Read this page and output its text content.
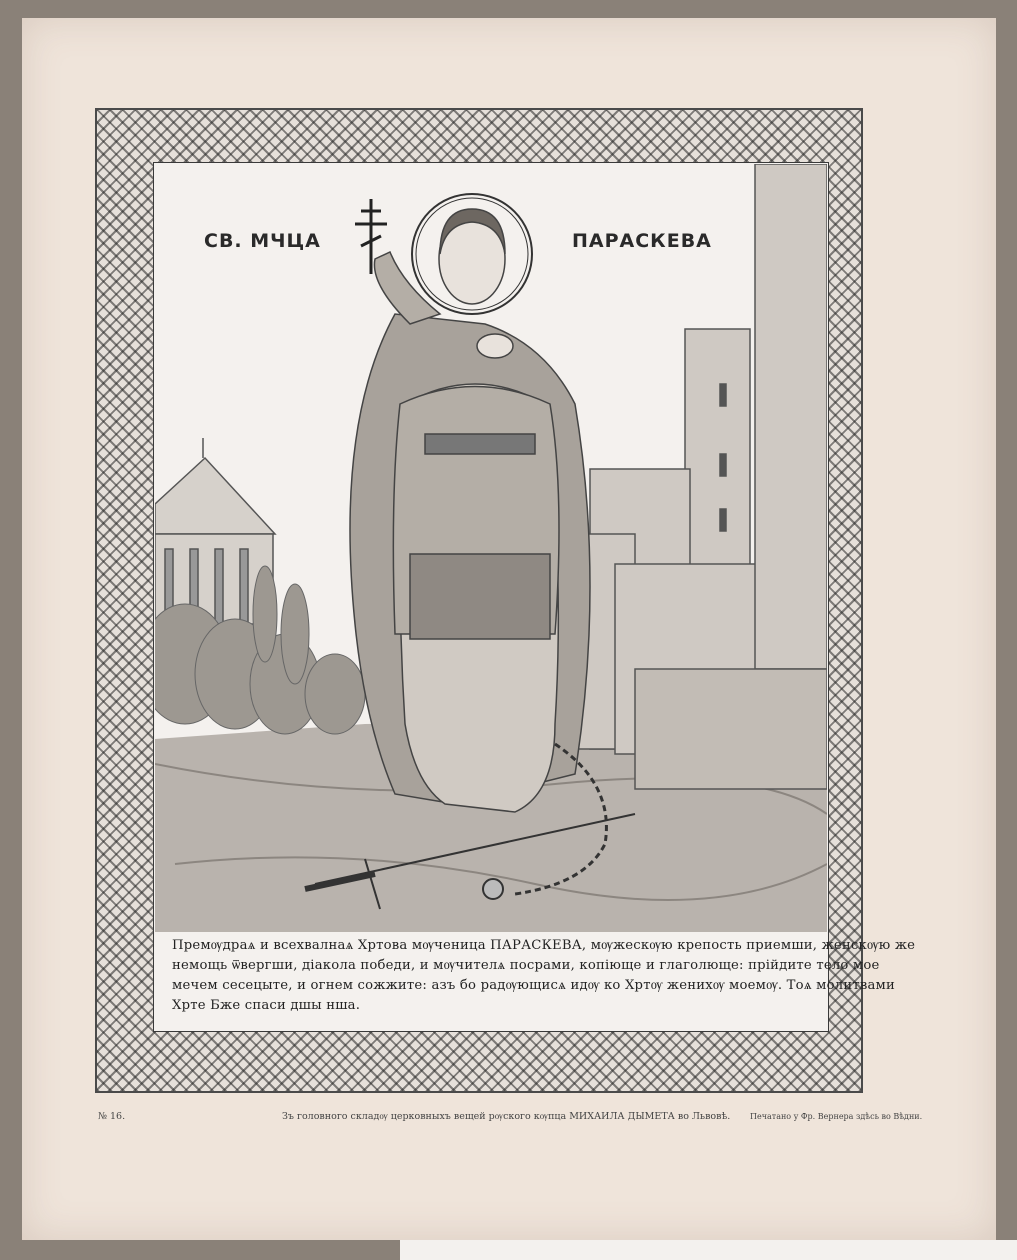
СВ. МЧЦА	ПАРАСКЕВА
Премѹдраѧ и всехвалнаѧ Хртова мѹченица ПАРАСКЕВА, мѹжескѹю крепость приемши, женскѹю же
немощь ѿвергши, діакола победи, и мѹчителѧ посрами, копіюще и глаголюще: прійдите тело мое
мечем сесецыте, и огнем сожжите: азъ бо радѹющисѧ идѹ ко Хртѹ женихѹ моемѹ. Тоѧ молитвами
Хрте Бже спаси дшы нша.
№ 16.	Зъ головного складѹ церковныхъ вещей рѹского кѹпца МИХАИЛА ДЫМЕТА во Львовѣ. Печатано у Фр. Вернера здѣсь во Вѣдни.
